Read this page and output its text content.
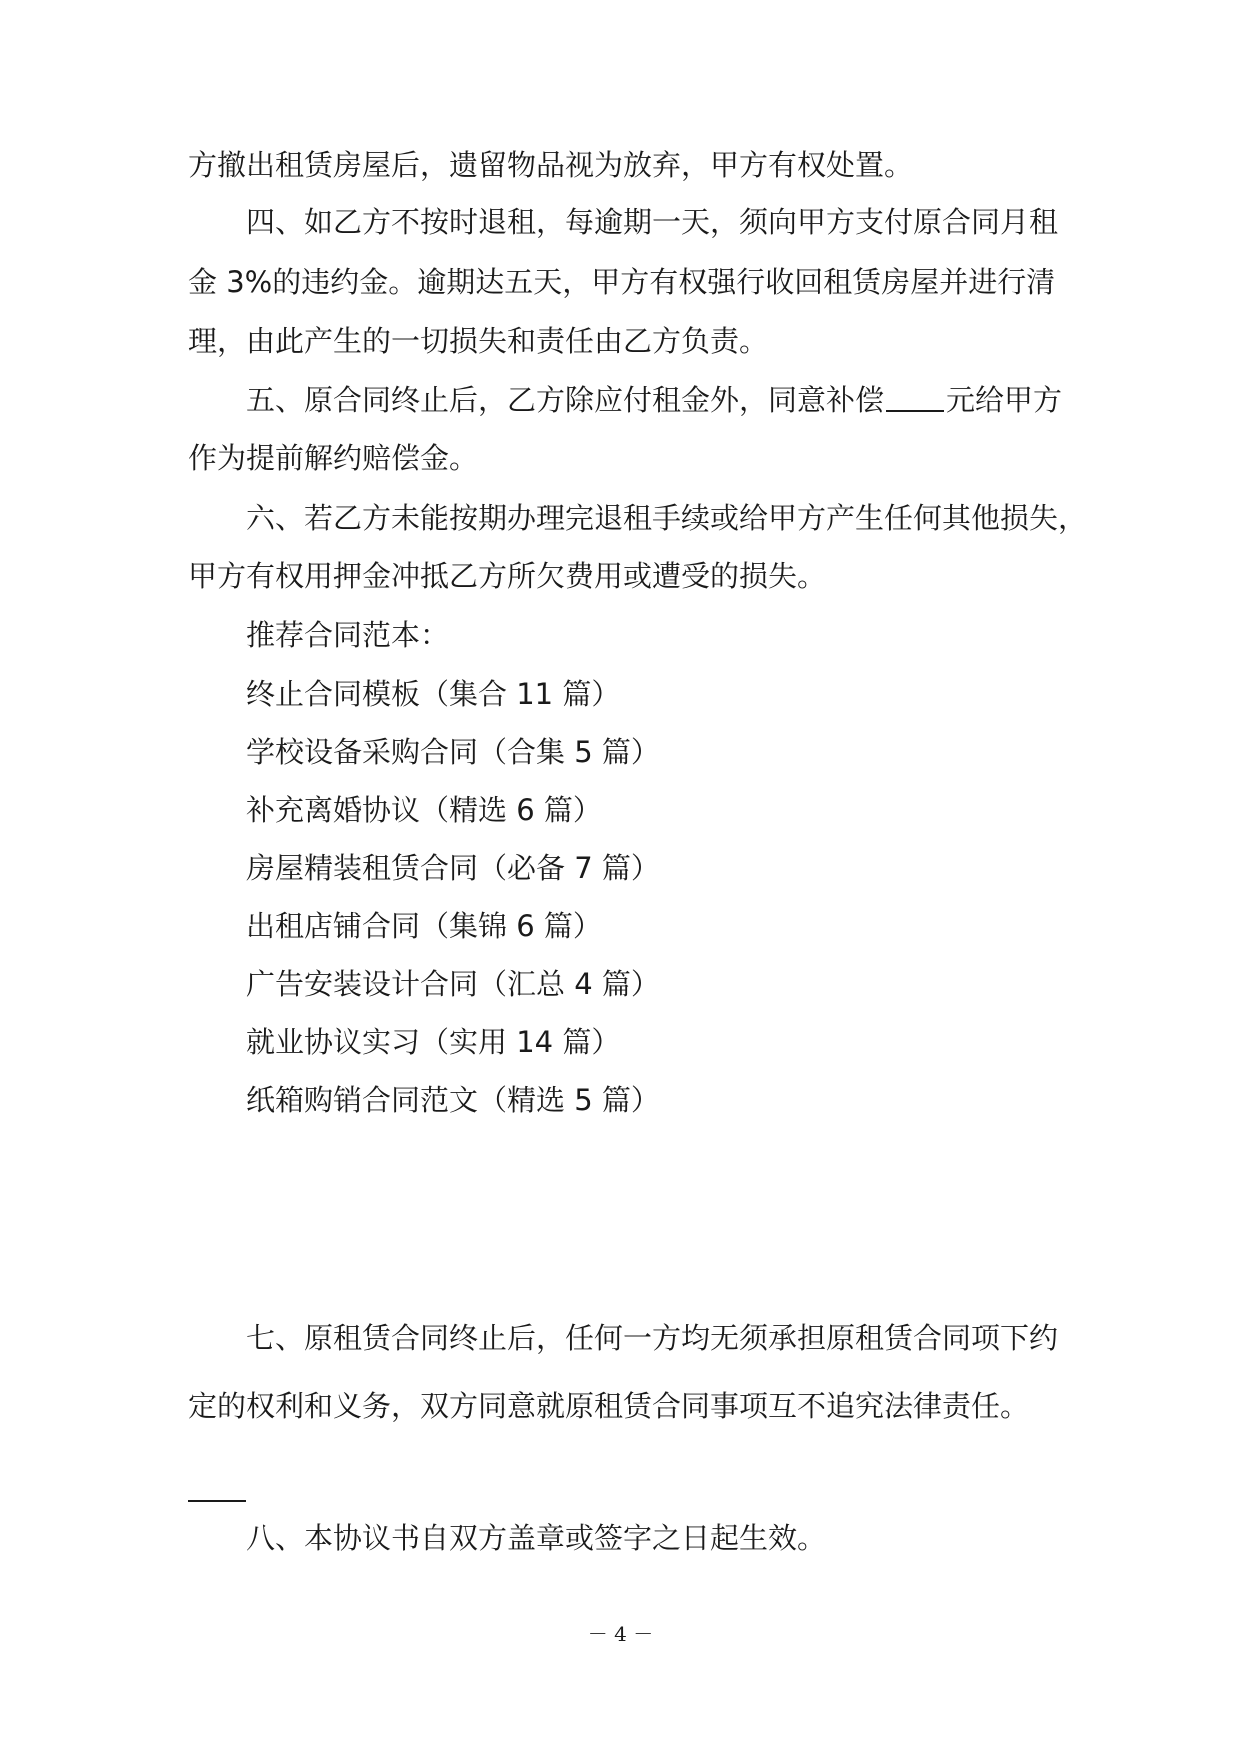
方撤出租赁房屋后，遗留物品视为放弃，甲方有权处置。
四、如乙方不按时退租，每逾期一天，须向甲方支付原合同月租
金 3%的违约金。逾期达五天，甲方有权强行收回租赁房屋并进行清
理，由此产生的一切损失和责任由乙方负责。
五、原合同终止后，乙方除应付租金外，同意补偿 元给甲方
作为提前解约赔偿金。
六、若乙方未能按期办理完退租手续或给甲方产生任何其他损失，
甲方有权用押金冲抵乙方所欠费用或遭受的损失。
推荐合同范本：
终止合同模板（集合 11 篇）
学校设备采购合同（合集 5 篇）
补充离婚协议（精选 6 篇）
房屋精装租赁合同（必备 7 篇）
出租店铺合同（集锦 6 篇）
广告安装设计合同（汇总 4 篇）
就业协议实习（实用 14 篇）
纸箱购销合同范文（精选 5 篇）
七、原租赁合同终止后，任何一方均无须承担原租赁合同项下约
定的权利和义务，双方同意就原租赁合同事项互不追究法律责任。
八、本协议书自双方盖章或签字之日起生效。
－ 4 －
